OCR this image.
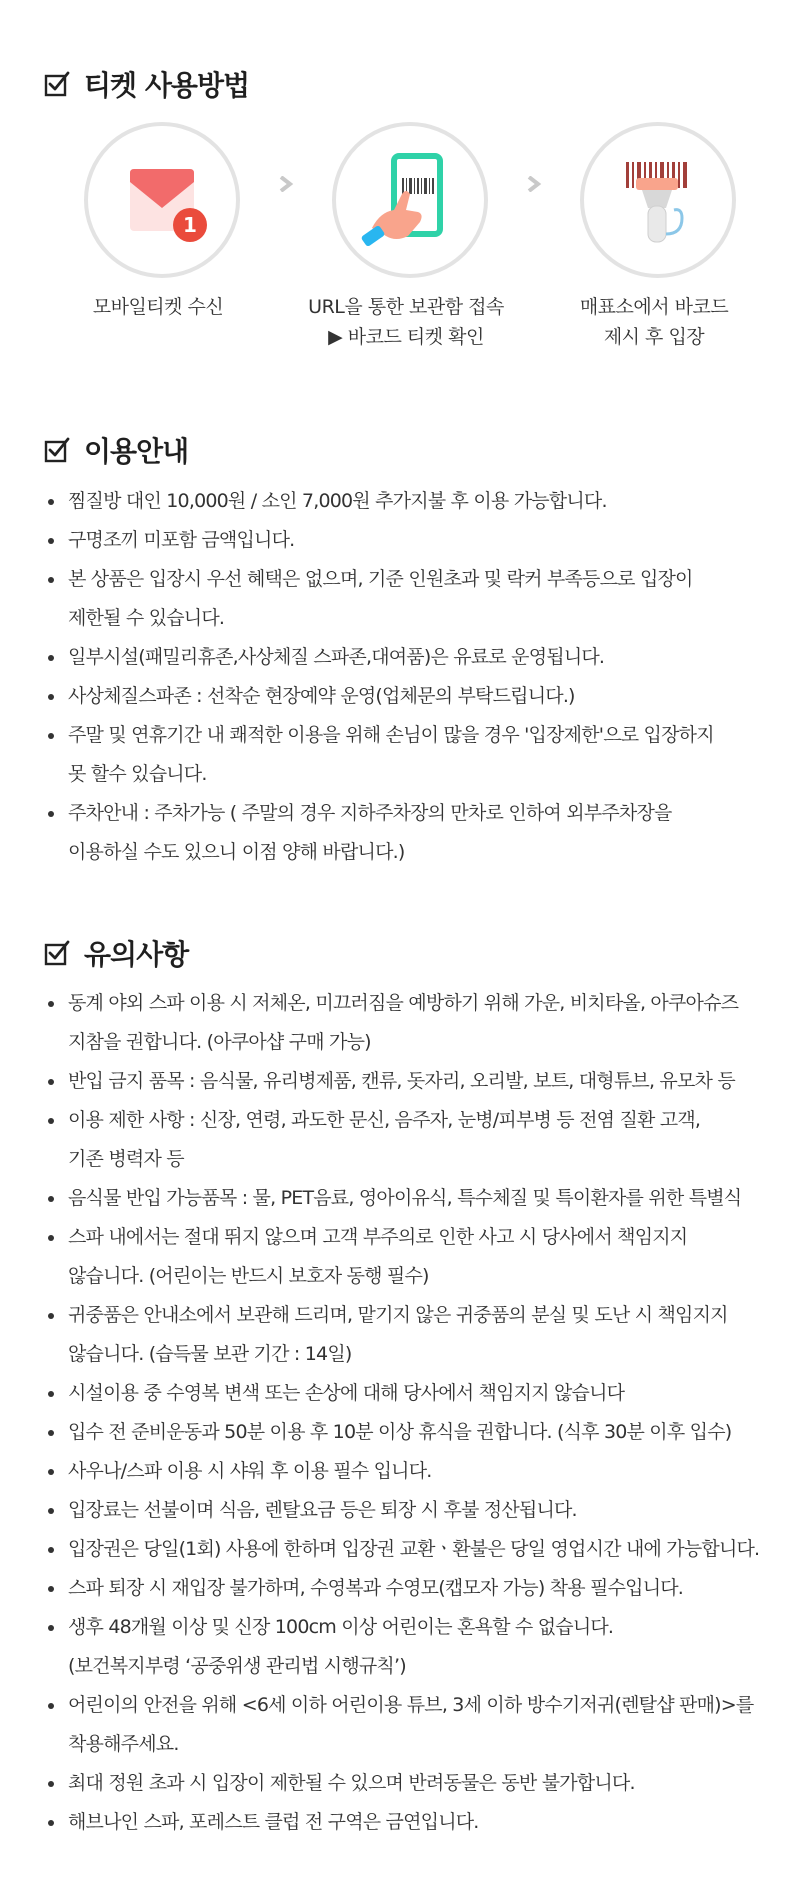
티켓 사용방법
1
모바일티켓 수신	URL을 통한 보관함 접속
▶ 바코드 티켓 확인
매표소에서 바코드
제시 후 입장
이용안내
찜질방 대인 10,000원 / 소인 7,000원 추가지불 후 이용 가능합니다.
구명조끼 미포함 금액입니다.
본 상품은 입장시 우선 혜택은 없으며, 기준 인원초과 및 락커 부족등으로 입장이
제한될 수 있습니다.
일부시설(패밀리휴존,사상체질 스파존,대여품)은 유료로 운영됩니다.
사상체질스파존 : 선착순 현장예약 운영(업체문의 부탁드립니다.)
주말 및 연휴기간 내 쾌적한 이용을 위해 손님이 많을 경우 '입장제한'으로 입장하지
못 할수 있습니다.
주차안내 : 주차가능 ( 주말의 경우 지하주차장의 만차로 인하여 외부주차장을
이용하실 수도 있으니 이점 양해 바랍니다.)
유의사항
동계 야외 스파 이용 시 저체온, 미끄러짐을 예방하기 위해 가운, 비치타올, 아쿠아슈즈
지참을 권합니다. (아쿠아샵 구매 가능)
반입 금지 품목 : 음식물, 유리병제품, 캔류, 돗자리, 오리발, 보트, 대형튜브, 유모차 등
이용 제한 사항 : 신장, 연령, 과도한 문신, 음주자, 눈병/피부병 등 전염 질환 고객,
기존 병력자 등
음식물 반입 가능품목 : 물, PET음료, 영아이유식, 특수체질 및 특이환자를 위한 특별식
스파 내에서는 절대 뛰지 않으며 고객 부주의로 인한 사고 시 당사에서 책임지지
않습니다. (어린이는 반드시 보호자 동행 필수)
귀중품은 안내소에서 보관해 드리며, 맡기지 않은 귀중품의 분실 및 도난 시 책임지지
않습니다. (습득물 보관 기간 : 14일)
시설이용 중 수영복 변색 또는 손상에 대해 당사에서 책임지지 않습니다
입수 전 준비운동과 50분 이용 후 10분 이상 휴식을 권합니다. (식후 30분 이후 입수)
사우나/스파 이용 시 샤워 후 이용 필수 입니다.
입장료는 선불이며 식음, 렌탈요금 등은 퇴장 시 후불 정산됩니다.
입장권은 당일(1회) 사용에 한하며 입장권 교환ㆍ환불은 당일 영업시간 내에 가능합니다.
스파 퇴장 시 재입장 불가하며, 수영복과 수영모(캡모자 가능) 착용 필수입니다.
생후 48개월 이상 및 신장 100cm 이상 어린이는 혼욕할 수 없습니다.
(보건복지부령 ‘공중위생 관리법 시행규칙’)
어린이의 안전을 위해 <6세 이하 어린이용 튜브, 3세 이하 방수기저귀(렌탈샵 판매)>를
착용해주세요.
최대 정원 초과 시 입장이 제한될 수 있으며 반려동물은 동반 불가합니다.
해브나인 스파, 포레스트 클럽 전 구역은 금연입니다.
